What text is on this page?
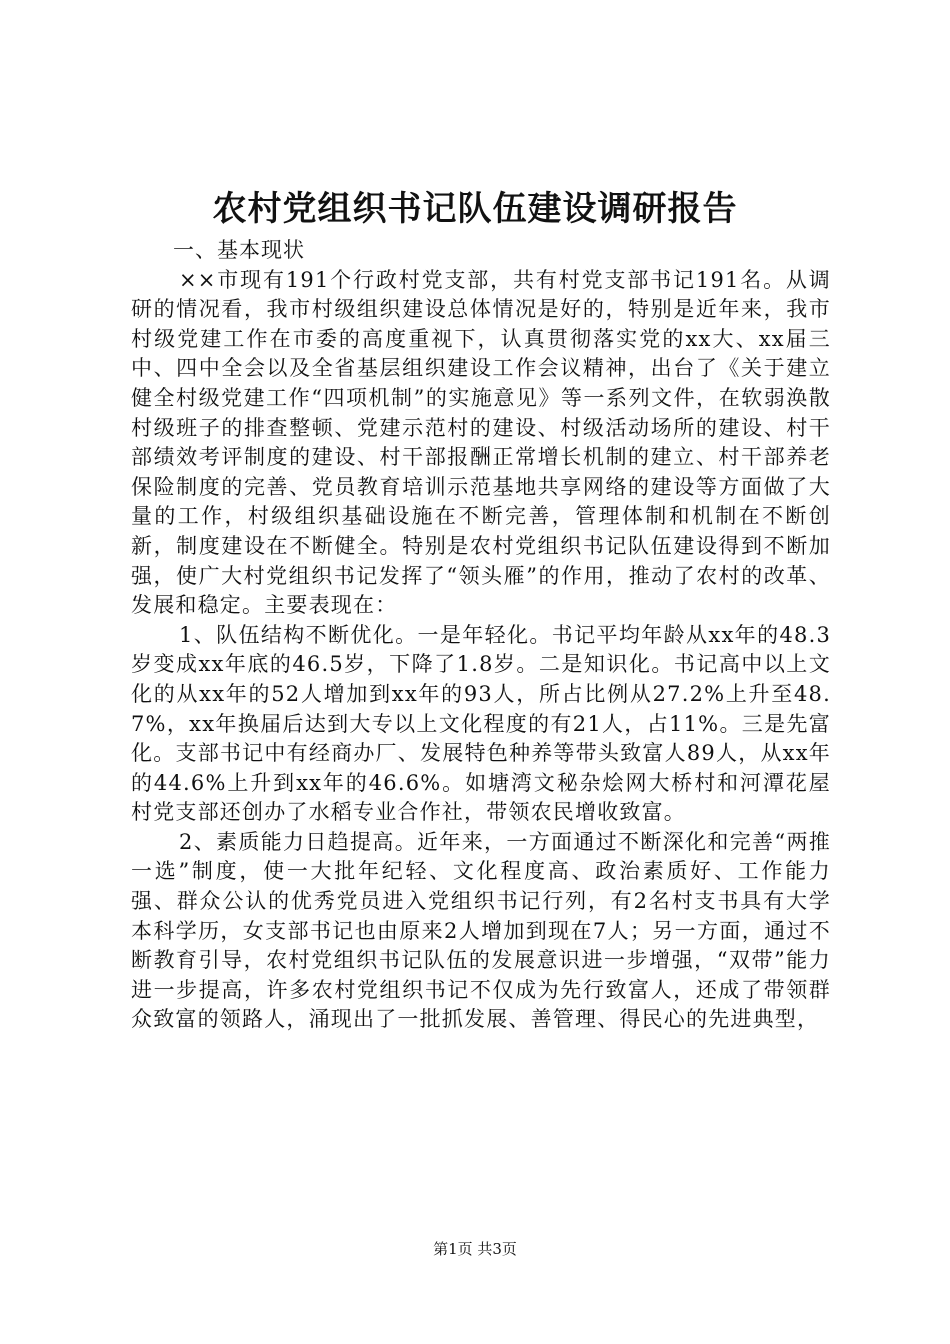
农村党组织书记队伍建设调研报告

一、基本现状

××市现有191个行政村党支部，共有村党支部书记191名。从调研的情况看，我市村级组织建设总体情况是好的，特别是近年来，我市村级党建工作在市委的高度重视下，认真贯彻落实党的xx大、xx届三中、四中全会以及全省基层组织建设工作会议精神，出台了《关于建立健全村级党建工作“四项机制”的实施意见》等一系列文件，在软弱涣散村级班子的排查整顿、党建示范村的建设、村级活动场所的建设、村干部绩效考评制度的建设、村干部报酬正常增长机制的建立、村干部养老保险制度的完善、党员教育培训示范基地共享网络的建设等方面做了大量的工作，村级组织基础设施在不断完善，管理体制和机制在不断创新，制度建设在不断健全。特别是农村党组织书记队伍建设得到不断加强，使广大村党组织书记发挥了“领头雁”的作用，推动了农村的改革、发展和稳定。主要表现在：

1、队伍结构不断优化。一是年轻化。书记平均年龄从xx年的48.3岁变成xx年底的46.5岁，下降了1.8岁。二是知识化。书记高中以上文化的从xx年的52人增加到xx年的93人，所占比例从27.2%上升至48.7%，xx年换届后达到大专以上文化程度的有21人，占11%。三是先富化。支部书记中有经商办厂、发展特色种养等带头致富人89人，从xx年的44.6%上升到xx年的46.6%。如塘湾文秘杂烩网大桥村和河潭花屋村党支部还创办了水稻专业合作社，带领农民增收致富。

2、素质能力日趋提高。近年来，一方面通过不断深化和完善“两推一选”制度，使一大批年纪轻、文化程度高、政治素质好、工作能力强、群众公认的优秀党员进入党组织书记行列，有2名村支书具有大学本科学历，女支部书记也由原来2人增加到现在7人；另一方面，通过不断教育引导，农村党组织书记队伍的发展意识进一步增强，“双带”能力进一步提高，许多农村党组织书记不仅成为先行致富人，还成了带领群众致富的领路人，涌现出了一批抓发展、善管理、得民心的先进典型，

第1页 共3页
